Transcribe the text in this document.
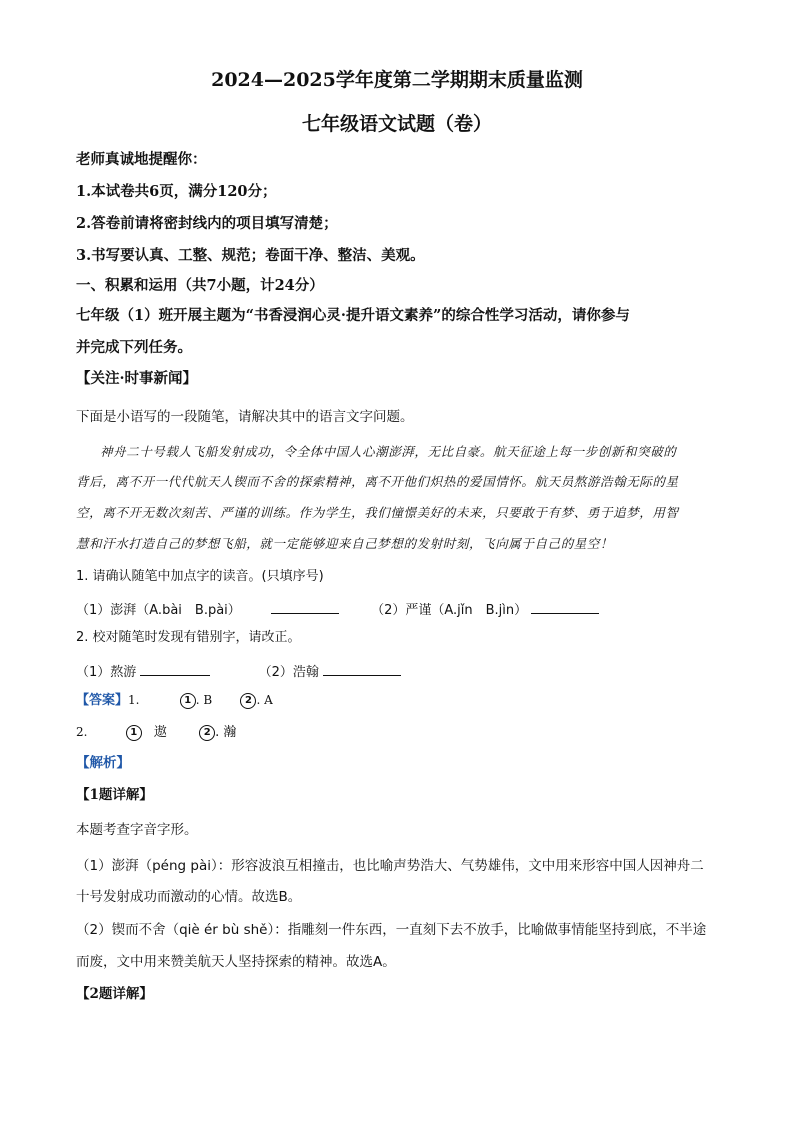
2024—2025学年度第二学期期末质量监测
七年级语文试题（卷）
老师真诚地提醒你：
1.本试卷共6页，满分120分；
2.答卷前请将密封线内的项目填写清楚；
3.书写要认真、工整、规范；卷面干净、整洁、美观。
一、积累和运用（共7小题，计24分）
七年级（1）班开展主题为“书香浸润心灵·提升语文素养”的综合性学习活动，请你参与
并完成下列任务。
【关注·时事新闻】
下面是小语写的一段随笔，请解决其中的语言文字问题。
神舟二十号载人飞船发射成功，令全体中国人心潮澎湃，无比自豪。航天征途上每一步创新和突破的
背后，离不开一代代航天人锲而不舍的探索精神，离不开他们炽热的爱国情怀。航天员熬游浩翰无际的星
空，离不开无数次刻苦、严谨的训练。作为学生，我们憧憬美好的未来，只要敢于有梦、勇于追梦，用智
慧和汗水打造自己的梦想飞船，就一定能够迎来自己梦想的发射时刻，飞向属于自己的星空！
1. 请确认随笔中加点字的读音。(只填序号)
（1）澎湃（A.bài　B.pài）	（2）严谨（A.jǐn　B.jìn）
2. 校对随笔时发现有错别字，请改正。
（1）熬游	（2）浩翰
【答案】1.	1 . B	2 . A
2.	1 遨	2 . 瀚
【解析】
【1题详解】
本题考查字音字形。
（1）澎湃（péng pài）：形容波浪互相撞击，也比喻声势浩大、气势雄伟，文中用来形容中国人因神舟二
十号发射成功而激动的心情。故选B。
（2）锲而不舍（qiè ér bù shě）：指雕刻一件东西，一直刻下去不放手，比喻做事情能坚持到底，不半途
而废，文中用来赞美航天人坚持探索的精神。故选A。
【2题详解】
